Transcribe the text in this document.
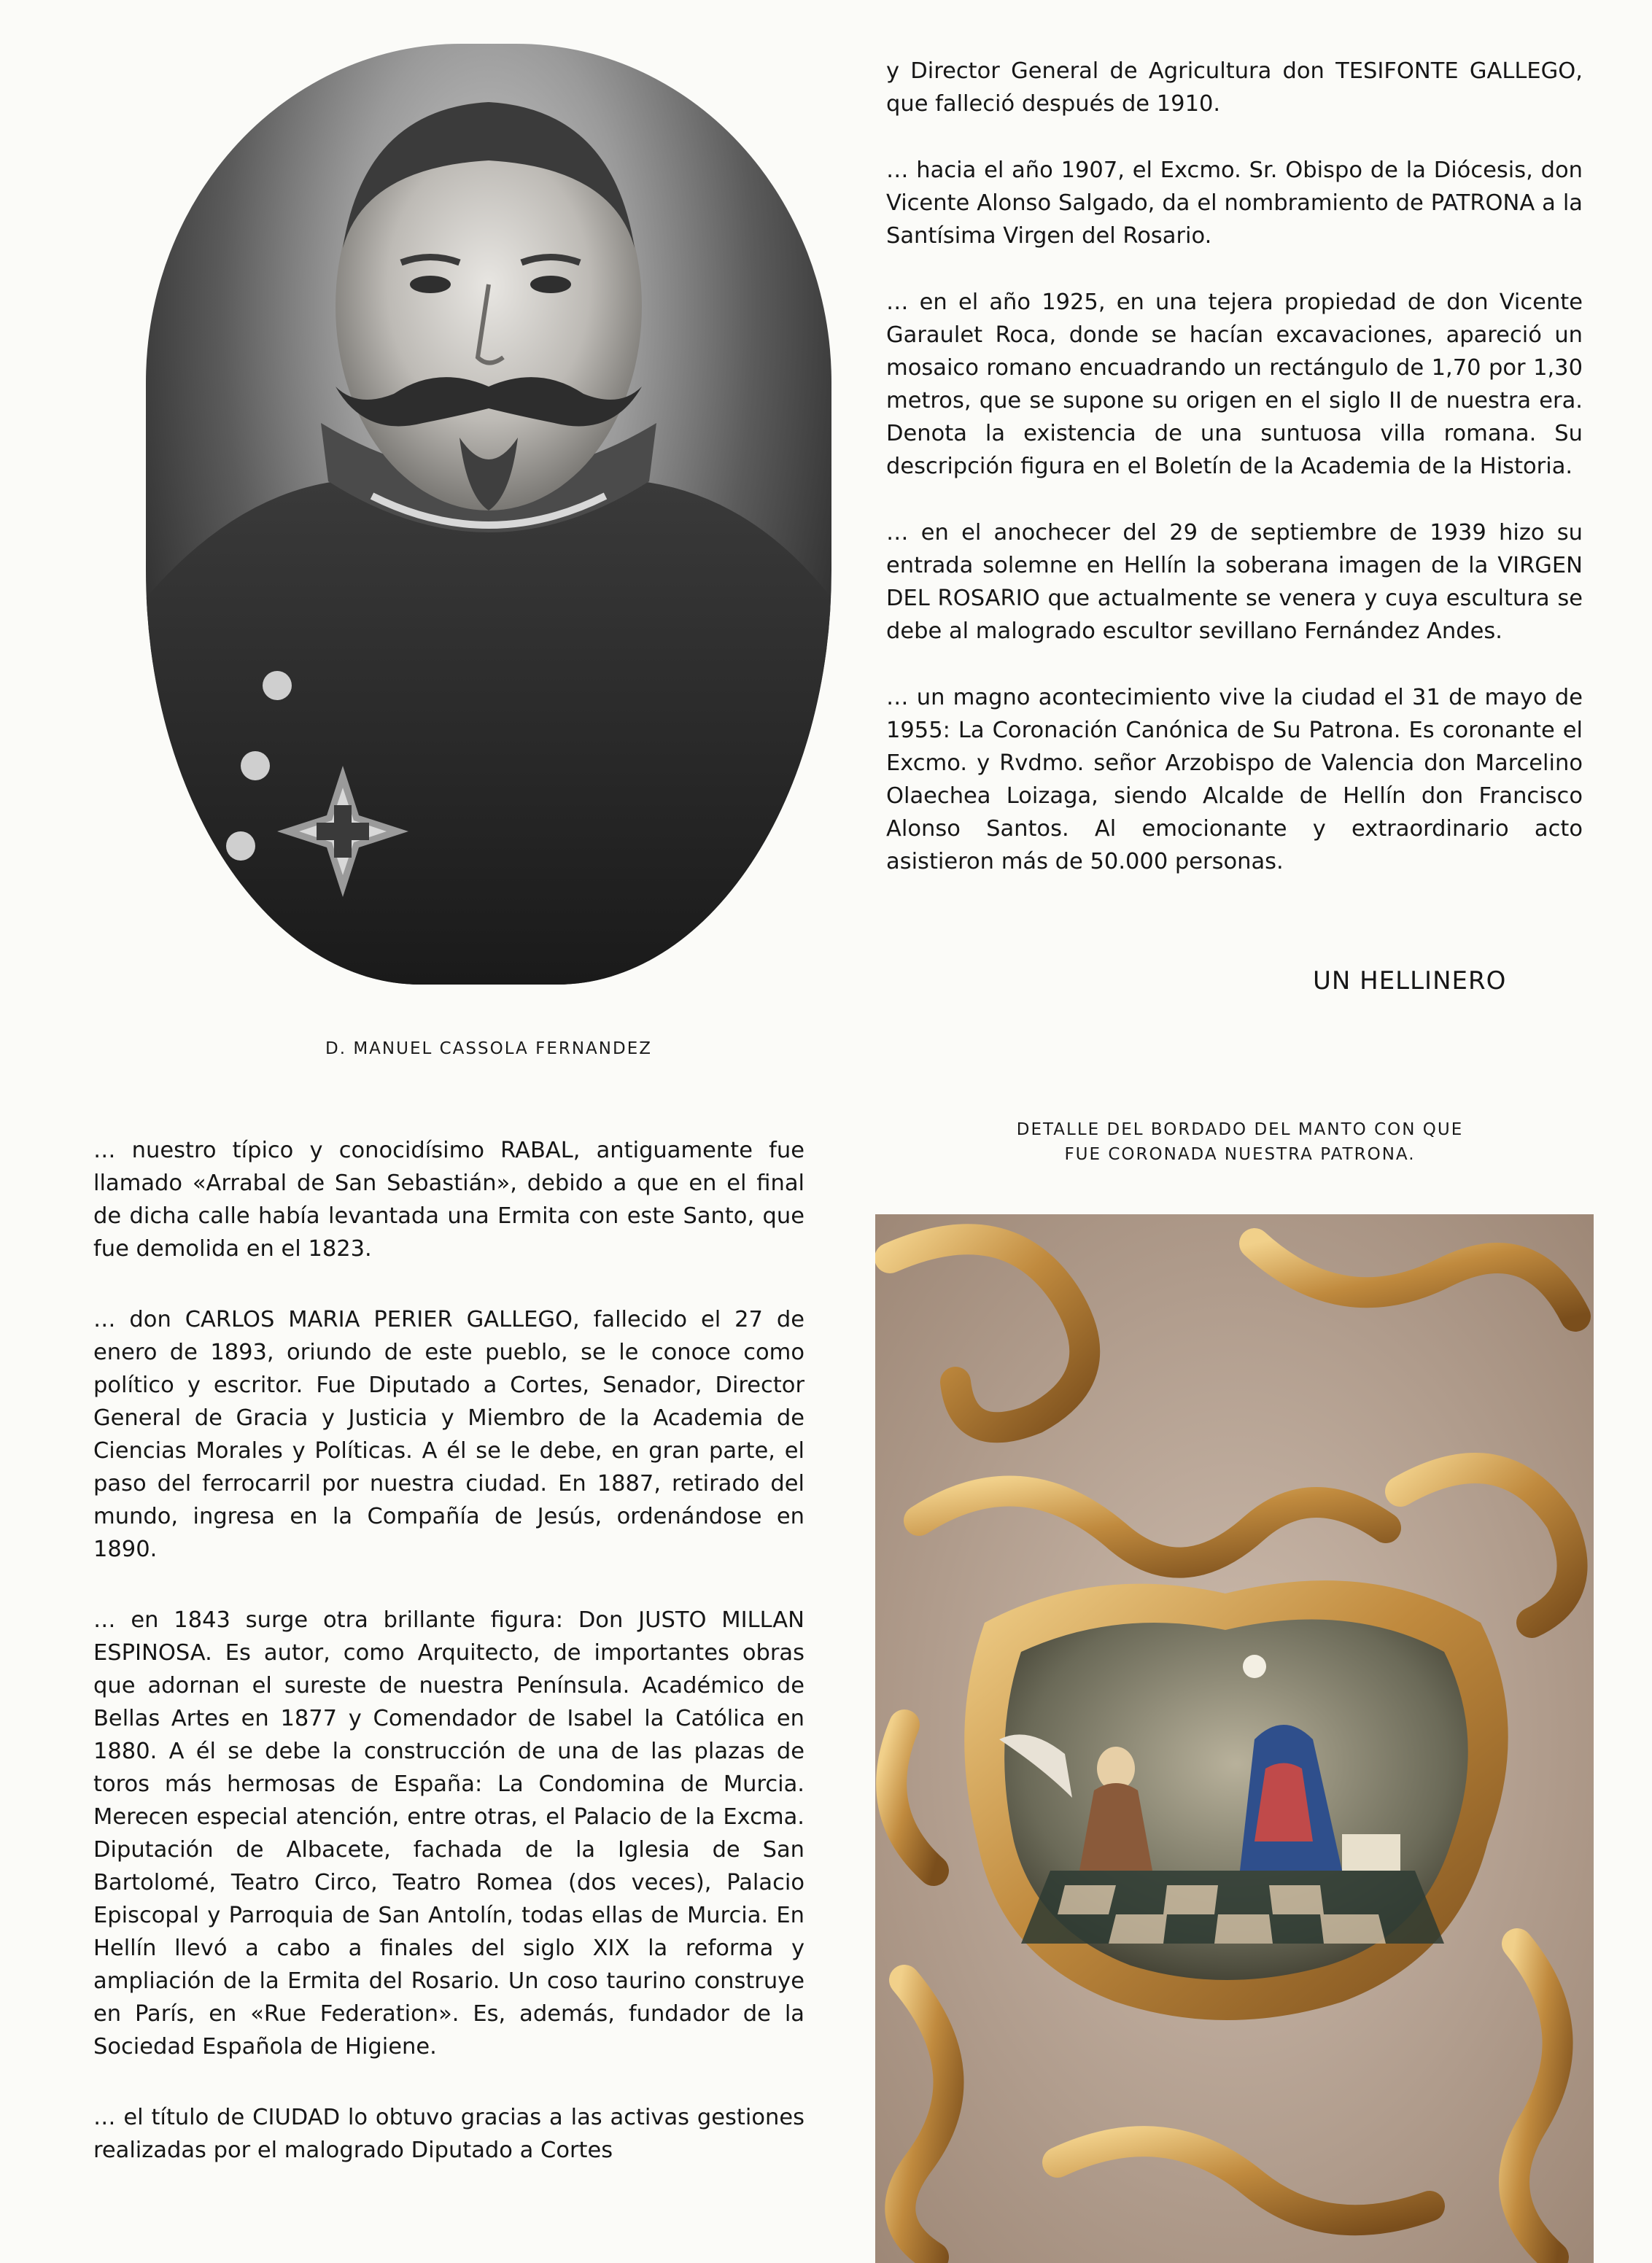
D. MANUEL CASSOLA FERNANDEZ

y Director General de Agricultura don TESIFONTE GALLEGO, que falleció después de 1910.

… hacia el año 1907, el Excmo. Sr. Obispo de la Diócesis, don Vicente Alonso Salgado, da el nombramiento de PATRONA a la Santísima Virgen del Rosario.

… en el año 1925, en una tejera propiedad de don Vicente Garaulet Roca, donde se hacían excavaciones, apareció un mosaico romano encuadrando un rectángulo de 1,70 por 1,30 metros, que se supone su origen en el siglo II de nuestra era. Denota la existencia de una suntuosa villa romana. Su descripción figura en el Boletín de la Academia de la Historia.

… en el anochecer del 29 de septiembre de 1939 hizo su entrada solemne en Hellín la soberana imagen de la VIRGEN DEL ROSARIO que actualmente se venera y cuya escultura se debe al malogrado escultor sevillano Fernández Andes.

… un magno acontecimiento vive la ciudad el 31 de mayo de 1955: La Coronación Canónica de Su Patrona. Es coronante el Excmo. y Rvdmo. señor Arzobispo de Valencia don Marcelino Olaechea Loizaga, siendo Alcalde de Hellín don Francisco Alonso Santos. Al emocionante y extraordinario acto asistieron más de 50.000 personas.

UN HELLINERO
DETALLE DEL BORDADO DEL MANTO CON QUE
FUE CORONADA NUESTRA PATRONA.

… nuestro típico y conocidísimo RABAL, antiguamente fue llamado «Arrabal de San Sebastián», debido a que en el final de dicha calle había levantada una Ermita con este Santo, que fue demolida en el 1823.

… don CARLOS MARIA PERIER GALLEGO, fallecido el 27 de enero de 1893, oriundo de este pueblo, se le conoce como político y escritor. Fue Diputado a Cortes, Senador, Director General de Gracia y Justicia y Miembro de la Academia de Ciencias Morales y Políticas. A él se le debe, en gran parte, el paso del ferrocarril por nuestra ciudad. En 1887, retirado del mundo, ingresa en la Compañía de Jesús, ordenándose en 1890.

… en 1843 surge otra brillante figura: Don JUSTO MILLAN ESPINOSA. Es autor, como Arquitecto, de importantes obras que adornan el sureste de nuestra Península. Académico de Bellas Artes en 1877 y Comendador de Isabel la Católica en 1880. A él se debe la construcción de una de las plazas de toros más hermosas de España: La Condomina de Murcia. Merecen especial atención, entre otras, el Palacio de la Excma. Diputación de Albacete, fachada de la Iglesia de San Bartolomé, Teatro Circo, Teatro Romea (dos veces), Palacio Episcopal y Parroquia de San Antolín, todas ellas de Murcia. En Hellín llevó a cabo a finales del siglo XIX la reforma y ampliación de la Ermita del Rosario. Un coso taurino construye en París, en «Rue Federation». Es, además, fundador de la Sociedad Española de Higiene.

… el título de CIUDAD lo obtuvo gracias a las activas gestiones realizadas por el malogrado Diputado a Cortes
